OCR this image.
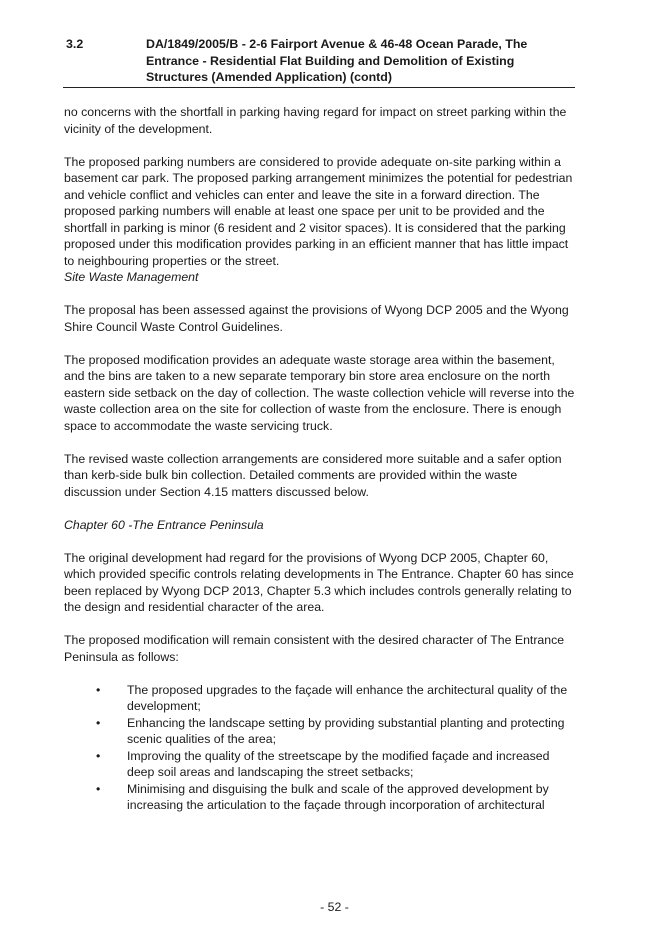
3.2	DA/1849/2005/B - 2-6 Fairport Avenue & 46-48 Ocean Parade, The Entrance - Residential Flat Building and Demolition of Existing Structures (Amended Application) (contd)

no concerns with the shortfall in parking having regard for impact on street parking within the vicinity of the development.

The proposed parking numbers are considered to provide adequate on-site parking within a basement car park. The proposed parking arrangement minimizes the potential for pedestrian and vehicle conflict and vehicles can enter and leave the site in a forward direction. The proposed parking numbers will enable at least one space per unit to be provided and the shortfall in parking is minor (6 resident and 2 visitor spaces). It is considered that the parking proposed under this modification provides parking in an efficient manner that has little impact to neighbouring properties or the street.

Site Waste Management

The proposal has been assessed against the provisions of Wyong DCP 2005 and the Wyong Shire Council Waste Control Guidelines.

The proposed modification provides an adequate waste storage area within the basement, and the bins are taken to a new separate temporary bin store area enclosure on the north eastern side setback on the day of collection. The waste collection vehicle will reverse into the waste collection area on the site for collection of waste from the enclosure. There is enough space to accommodate the waste servicing truck.

The revised waste collection arrangements are considered more suitable and a safer option than kerb-side bulk bin collection. Detailed comments are provided within the waste discussion under Section 4.15 matters discussed below.

Chapter 60 -The Entrance Peninsula

The original development had regard for the provisions of Wyong DCP 2005, Chapter 60, which provided specific controls relating developments in The Entrance. Chapter 60 has since been replaced by Wyong DCP 2013, Chapter 5.3 which includes controls generally relating to the design and residential character of the area.

The proposed modification will remain consistent with the desired character of The Entrance Peninsula as follows:

• The proposed upgrades to the façade will enhance the architectural quality of the development;
• Enhancing the landscape setting by providing substantial planting and protecting scenic qualities of the area;
• Improving the quality of the streetscape by the modified façade and increased deep soil areas and landscaping the street setbacks;
• Minimising and disguising the bulk and scale of the approved development by increasing the articulation to the façade through incorporation of architectural
- 52 -
